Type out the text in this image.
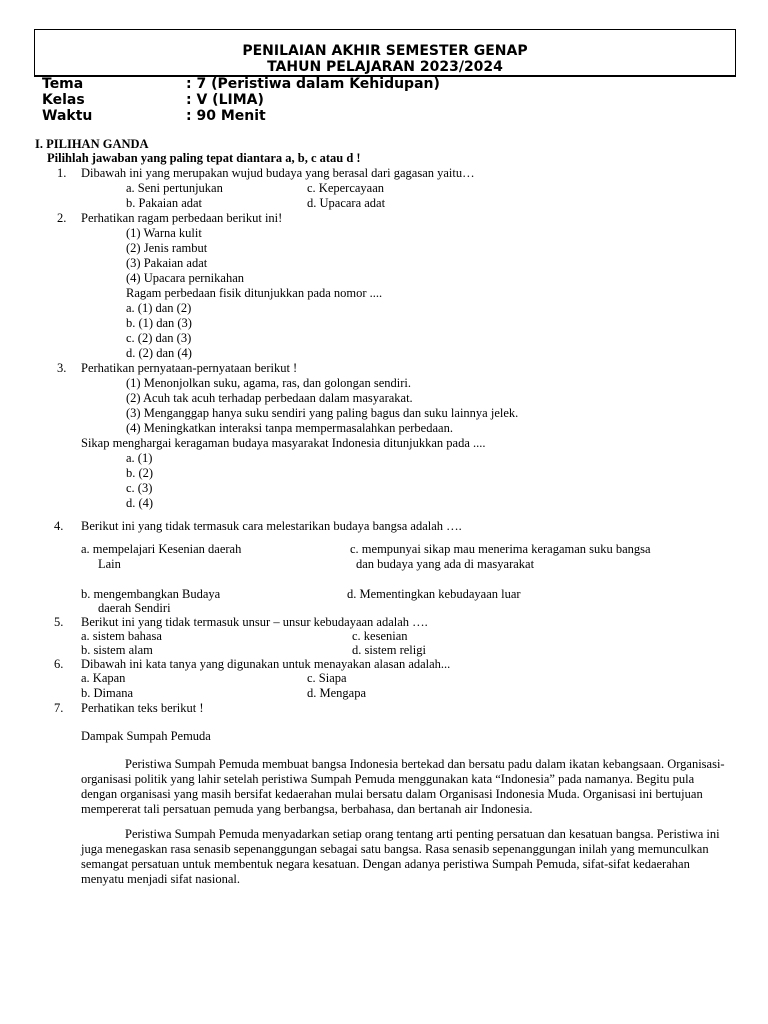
PENILAIAN AKHIR SEMESTER GENAP
TAHUN PELAJARAN 2023/2024
Tema	: 7 (Peristiwa dalam Kehidupan)
Kelas	: V (LIMA)
Waktu	: 90 Menit
I. PILIHAN GANDA
Pilihlah jawaban yang paling tepat diantara a, b, c atau d !
1. Dibawah ini yang merupakan wujud budaya yang berasal dari gagasan yaitu…
a. Seni pertunjukan	c. Kepercayaan
b. Pakaian adat	d. Upacara adat
2. Perhatikan ragam perbedaan berikut ini!
(1) Warna kulit
(2) Jenis rambut
(3) Pakaian adat
(4) Upacara pernikahan
Ragam perbedaan fisik ditunjukkan pada nomor ....
a. (1) dan (2)
b. (1) dan (3)
c. (2) dan (3)
d. (2) dan (4)
3. Perhatikan pernyataan-pernyataan berikut !
(1) Menonjolkan suku, agama, ras, dan golongan sendiri.
(2) Acuh tak acuh terhadap perbedaan dalam masyarakat.
(3) Menganggap hanya suku sendiri yang paling bagus dan suku lainnya jelek.
(4) Meningkatkan interaksi tanpa mempermasalahkan perbedaan.
Sikap menghargai keragaman budaya masyarakat Indonesia ditunjukkan pada ....
a. (1)
b. (2)
c. (3)
d. (4)
4. Berikut ini yang tidak termasuk cara melestarikan budaya bangsa adalah ….
a. mempelajari Kesenian daerah
Lain
c. mempunyai sikap mau menerima keragaman suku bangsa
dan budaya yang ada di masyarakat
b. mengembangkan Budaya
daerah Sendiri
d. Mementingkan kebudayaan luar
5. Berikut ini yang tidak termasuk unsur – unsur kebudayaan adalah ….
a. sistem bahasa	c. kesenian
b. sistem alam	d. sistem religi
6. Dibawah ini kata tanya yang digunakan untuk menayakan alasan adalah...
a. Kapan	c. Siapa
b. Dimana	d. Mengapa
7. Perhatikan teks berikut !
Dampak Sumpah Pemuda
Peristiwa Sumpah Pemuda membuat bangsa Indonesia bertekad dan bersatu padu dalam ikatan kebangsaan. Organisasi-organisasi politik yang lahir setelah peristiwa Sumpah Pemuda menggunakan kata “Indonesia” pada namanya. Begitu pula dengan organisasi yang masih bersifat kedaerahan mulai bersatu dalam Organisasi Indonesia Muda. Organisasi ini bertujuan mempererat tali persatuan pemuda yang berbangsa, berbahasa, dan bertanah air Indonesia.
Peristiwa Sumpah Pemuda menyadarkan setiap orang tentang arti penting persatuan dan kesatuan bangsa. Peristiwa ini juga menegaskan rasa senasib sepenanggungan sebagai satu bangsa. Rasa senasib sepenanggungan inilah yang memunculkan semangat persatuan untuk membentuk negara kesatuan. Dengan adanya peristiwa Sumpah Pemuda, sifat-sifat kedaerahan menyatu menjadi sifat nasional.
